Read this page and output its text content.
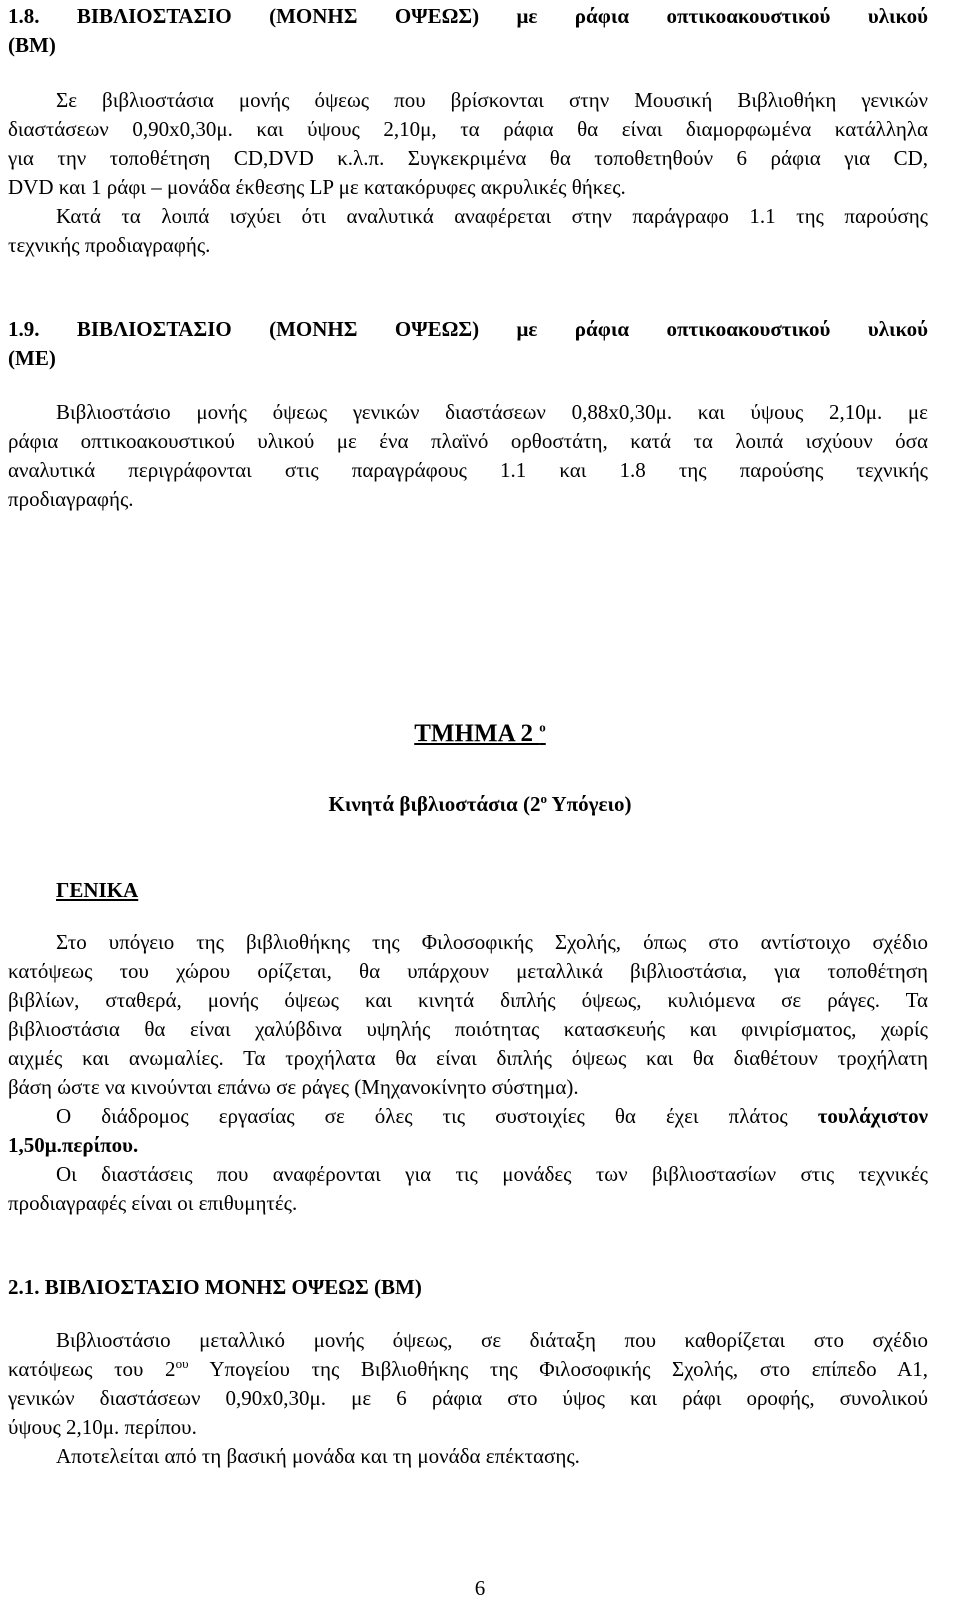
1.8. ΒΙΒΛΙΟΣΤΑΣΙΟ (ΜΟΝΗΣ ΟΨΕΩΣ) με ράφια οπτικοακουστικού υλικού
(BM)
Σε βιβλιοστάσια μονής όψεως που βρίσκονται στην Μουσική Βιβλιοθήκη γενικών
διαστάσεων 0,90x0,30μ. και ύψους 2,10μ, τα ράφια θα είναι διαμορφωμένα κατάλληλα
για την τοποθέτηση CD,DVD κ.λ.π. Συγκεκριμένα θα τοποθετηθούν 6 ράφια για CD,
DVD και 1 ράφι – μονάδα έκθεσης LP με κατακόρυφες ακρυλικές θήκες.
Κατά τα λοιπά ισχύει ότι αναλυτικά αναφέρεται στην παράγραφο 1.1 της παρούσης
τεχνικής προδιαγραφής.
1.9. ΒΙΒΛΙΟΣΤΑΣΙΟ (ΜΟΝΗΣ ΟΨΕΩΣ) με ράφια οπτικοακουστικού υλικού
(ΜΕ)
Βιβλιοστάσιο μονής όψεως γενικών διαστάσεων 0,88x0,30μ. και ύψους 2,10μ. με
ράφια οπτικοακουστικού υλικού με ένα πλαϊνό ορθοστάτη, κατά τα λοιπά ισχύουν όσα
αναλυτικά περιγράφονται στις παραγράφους 1.1 και 1.8 της παρούσης τεχνικής
προδιαγραφής.
ΤΜΗΜΑ 2 $^o$
Κινητά βιβλιοστάσια ($2^o$ Υπόγειο)
ΓΕΝΙΚΑ
Στο υπόγειο της βιβλιοθήκης της Φιλοσοφικής Σχολής, όπως στο αντίστοιχο σχέδιο
κατόψεως του χώρου ορίζεται, θα υπάρχουν μεταλλικά βιβλιοστάσια, για τοποθέτηση
βιβλίων, σταθερά, μονής όψεως και κινητά διπλής όψεως, κυλιόμενα σε ράγες. Τα
βιβλιοστάσια θα είναι χαλύβδινα υψηλής ποιότητας κατασκευής και φινιρίσματος, χωρίς
αιχμές και ανωμαλίες. Τα τροχήλατα θα είναι διπλής όψεως και θα διαθέτουν τροχήλατη
βάση ώστε να κινούνται επάνω σε ράγες (Μηχανοκίνητο σύστημα).
Ο διάδρομος εργασίας σε όλες τις συστοιχίες θα έχει πλάτος τουλάχιστον
1,50μ.περίπου.
Οι διαστάσεις που αναφέρονται για τις μονάδες των βιβλιοστασίων στις τεχνικές
προδιαγραφές είναι οι επιθυμητές.
2.1. ΒΙΒΛΙΟΣΤΑΣΙΟ ΜΟΝΗΣ ΟΨΕΩΣ (ΒΜ)
Βιβλιοστάσιο μεταλλικό μονής όψεως, σε διάταξη που καθορίζεται στο σχέδιο
κατόψεως του $2^{o\upsilon}$ Υπογείου της Βιβλιοθήκης της Φιλοσοφικής Σχολής, στο επίπεδο Α1,
γενικών διαστάσεων 0,90x0,30μ. με 6 ράφια στο ύψος και ράφι οροφής, συνολικού
ύψους 2,10μ. περίπου.
Αποτελείται από τη βασική μονάδα και τη μονάδα επέκτασης.
6
